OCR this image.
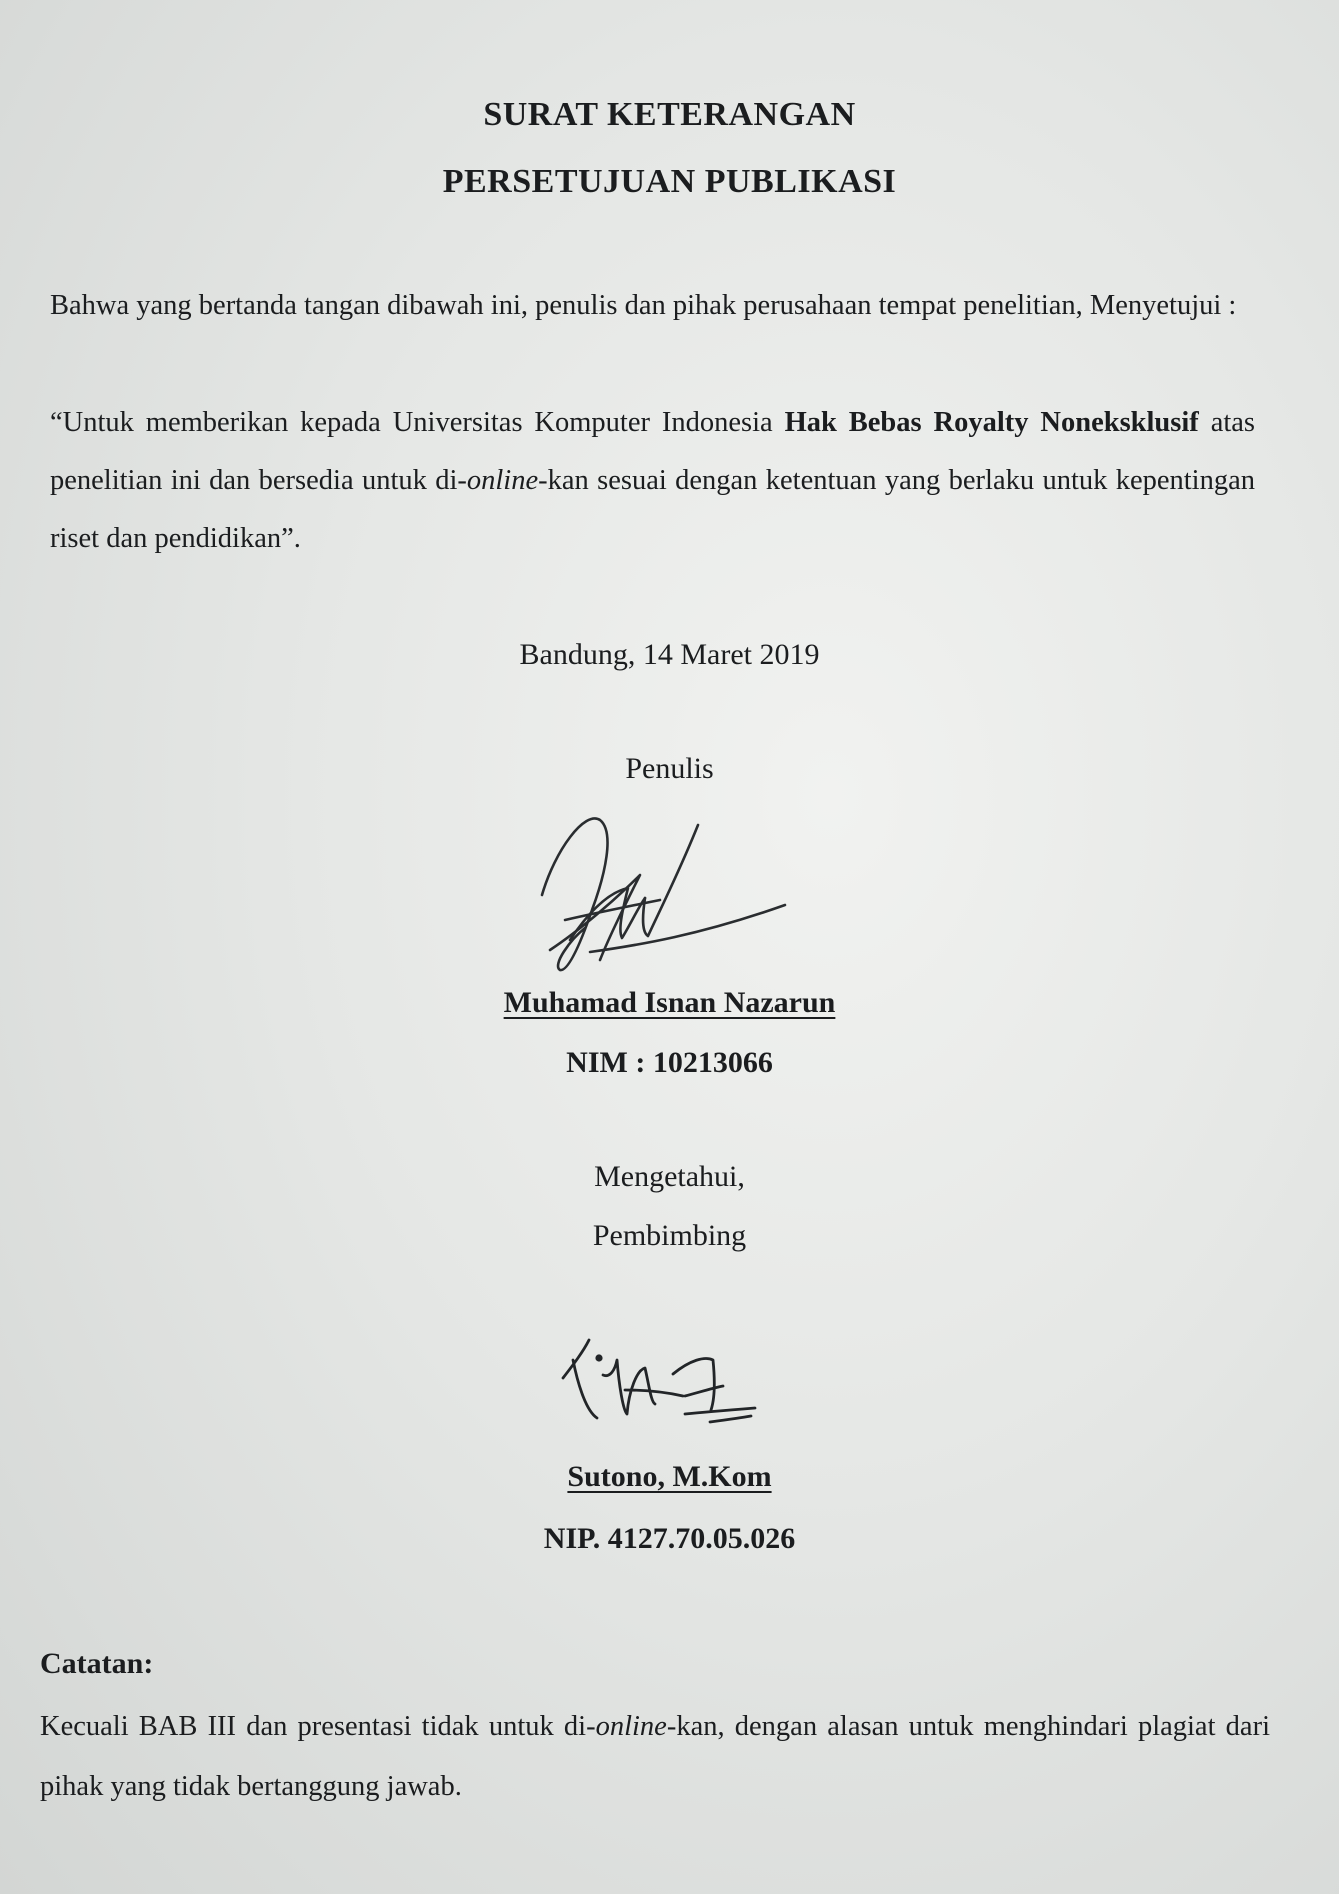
SURAT KETERANGAN
PERSETUJUAN PUBLIKASI
Bahwa yang bertanda tangan dibawah ini, penulis dan pihak perusahaan tempat penelitian, Menyetujui :
“Untuk memberikan kepada Universitas Komputer Indonesia Hak Bebas Royalty Noneksklusif atas penelitian ini dan bersedia untuk di-online-kan sesuai dengan ketentuan yang berlaku untuk kepentingan riset dan pendidikan”.
Bandung, 14 Maret 2019
Penulis
Muhamad Isnan Nazarun
NIM : 10213066
Mengetahui,
Pembimbing
Sutono, M.Kom
NIP. 4127.70.05.026
Catatan:
Kecuali BAB III dan presentasi tidak untuk di-online-kan, dengan alasan untuk menghindari plagiat dari pihak yang tidak bertanggung jawab.
